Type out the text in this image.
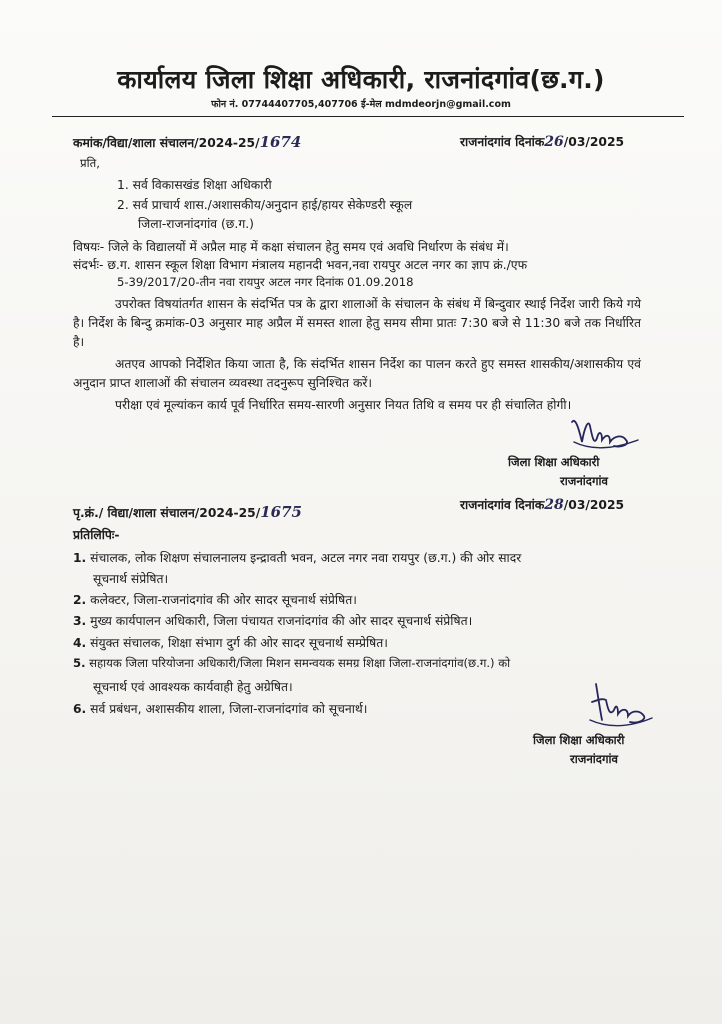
कार्यालय जिला शिक्षा अधिकारी, राजनांदगांव(छ.ग.)
फोन नं. 07744407705,407706 ई-मेल mdmdeorjn@gmail.com
कमांक/विद्या/शाला संचालन/2024-25/1674	राजनांदगांव दिनांक26/03/2025
प्रति,
1. सर्व विकासखंड शिक्षा अधिकारी
2. सर्व प्राचार्य शास./अशासकीय/अनुदान हाई/हायर सेकेण्डरी स्कूल
जिला-राजनांदगांव (छ.ग.)
विषयः- जिले के विद्यालयों में अप्रैल माह में कक्षा संचालन हेतु समय एवं अवधि निर्धारण के संबंध में।
संदर्भः- छ.ग. शासन स्कूल शिक्षा विभाग मंत्रालय महानदी भवन,नवा रायपुर अटल नगर का ज्ञाप क्रं./एफ
5-39/2017/20-तीन नवा रायपुर अटल नगर दिनांक 01.09.2018
उपरोक्त विषयांतर्गत शासन के संदर्भित पत्र के द्वारा शालाओं के संचालन के संबंध में बिन्दुवार स्थाई निर्देश जारी किये गये है। निर्देश के बिन्दु क्रमांक-03 अनुसार माह अप्रैल में समस्त शाला हेतु समय सीमा प्रातः 7:30 बजे से 11:30 बजे तक निर्धारित है।
अतएव आपको निर्देशित किया जाता है, कि संदर्भित शासन निर्देश का पालन करते हुए समस्त शासकीय/अशासकीय एवं अनुदान प्राप्त शालाओं की संचालन व्यवस्था तदनुरूप सुनिश्चित करें।
परीक्षा एवं मूल्यांकन कार्य पूर्व निर्धारित समय-सारणी अनुसार नियत तिथि व समय पर ही संचालित होगी।
जिला शिक्षा अधिकारी
राजनांदगांव
पृ.क्रं./ विद्या/शाला संचालन/2024-25/1675	राजनांदगांव दिनांक28/03/2025
प्रतिलिपिः-
1. संचालक, लोक शिक्षण संचालनालय इन्द्रावती भवन, अटल नगर नवा रायपुर (छ.ग.) की ओर सादर
सूचनार्थ संप्रेषित।
2. कलेक्टर, जिला-राजनांदगांव की ओर सादर सूचनार्थ संप्रेषित।
3. मुख्य कार्यपालन अधिकारी, जिला पंचायत राजनांदगांव की ओर सादर सूचनार्थ संप्रेषित।
4. संयुक्त संचालक, शिक्षा संभाग दुर्ग की ओर सादर सूचनार्थ सम्प्रेषित।
5. सहायक जिला परियोजना अधिकारी/जिला मिशन समन्वयक समग्र शिक्षा जिला-राजनांदगांव(छ.ग.) को
सूचनार्थ एवं आवश्यक कार्यवाही हेतु अग्रेषित।
6. सर्व प्रबंधन, अशासकीय शाला, जिला-राजनांदगांव को सूचनार्थ।
जिला शिक्षा अधिकारी
राजनांदगांव
